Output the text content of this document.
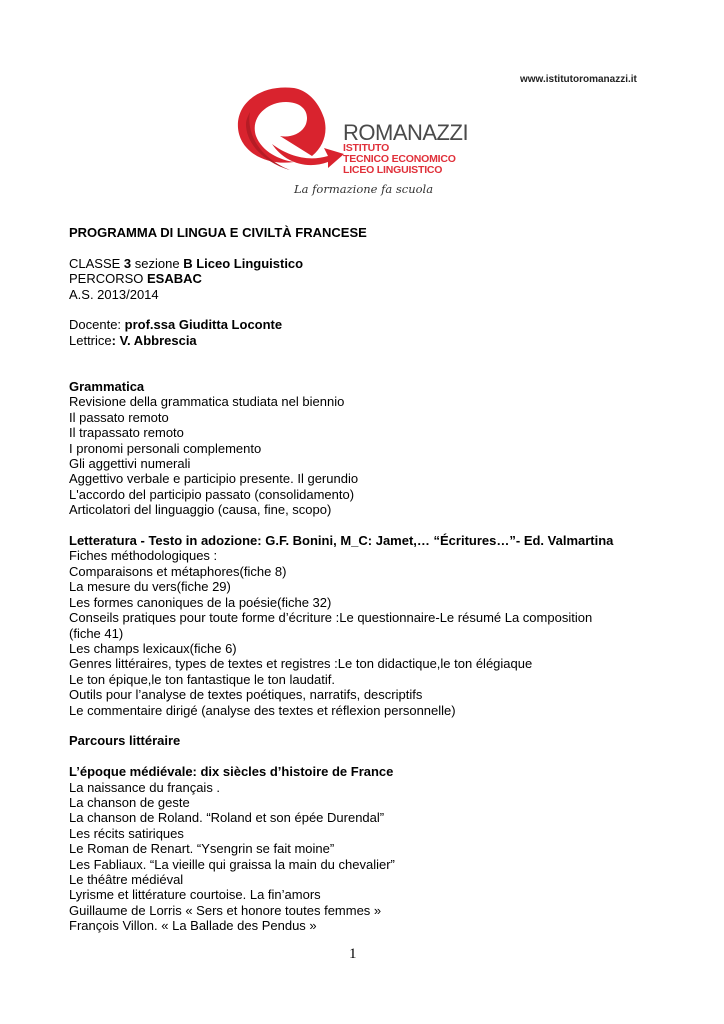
www.istitutoromanazzi.it
ROMANAZZI
ISTITUTO
TECNICO ECONOMICO
LICEO LINGUISTICO
La formazione fa scuola
PROGRAMMA DI LINGUA E CIVILTÀ FRANCESE
CLASSE 3 sezione B Liceo Linguistico
PERCORSO ESABAC
A.S. 2013/2014
Docente: prof.ssa Giuditta Loconte
Lettrice: V. Abbrescia
Grammatica
Revisione della grammatica studiata nel biennio
Il passato remoto
Il trapassato remoto
I pronomi personali complemento
Gli aggettivi numerali
Aggettivo verbale e participio presente. Il gerundio
L'accordo del participio passato (consolidamento)
Articolatori del linguaggio (causa, fine, scopo)
Letteratura - Testo in adozione: G.F. Bonini, M_C: Jamet,… “Écritures…”- Ed. Valmartina
Fiches méthodologiques :
Comparaisons et métaphores(fiche 8)
La mesure du vers(fiche 29)
Les formes canoniques de la poésie(fiche 32)
Conseils pratiques pour toute forme d’écriture :Le questionnaire-Le résumé La composition
(fiche 41)
Les champs lexicaux(fiche 6)
Genres littéraires, types de textes et registres :Le ton didactique,le ton élégiaque
Le ton épique,le ton fantastique le ton laudatif.
Outils pour l’analyse de textes poétiques, narratifs, descriptifs
Le commentaire dirigé (analyse des textes et réflexion personnelle)
Parcours littéraire
L’époque médiévale: dix siècles d’histoire de France
La naissance du français .
La chanson de geste
La chanson de Roland. “Roland et son épée Durendal”
Les récits satiriques
Le Roman de Renart. “Ysengrin se fait moine”
Les Fabliaux. “La vieille qui graissa la main du chevalier”
Le théâtre médiéval
Lyrisme et littérature courtoise. La fin’amors
Guillaume de Lorris « Sers et honore toutes femmes »
François Villon. « La Ballade des Pendus »
1
